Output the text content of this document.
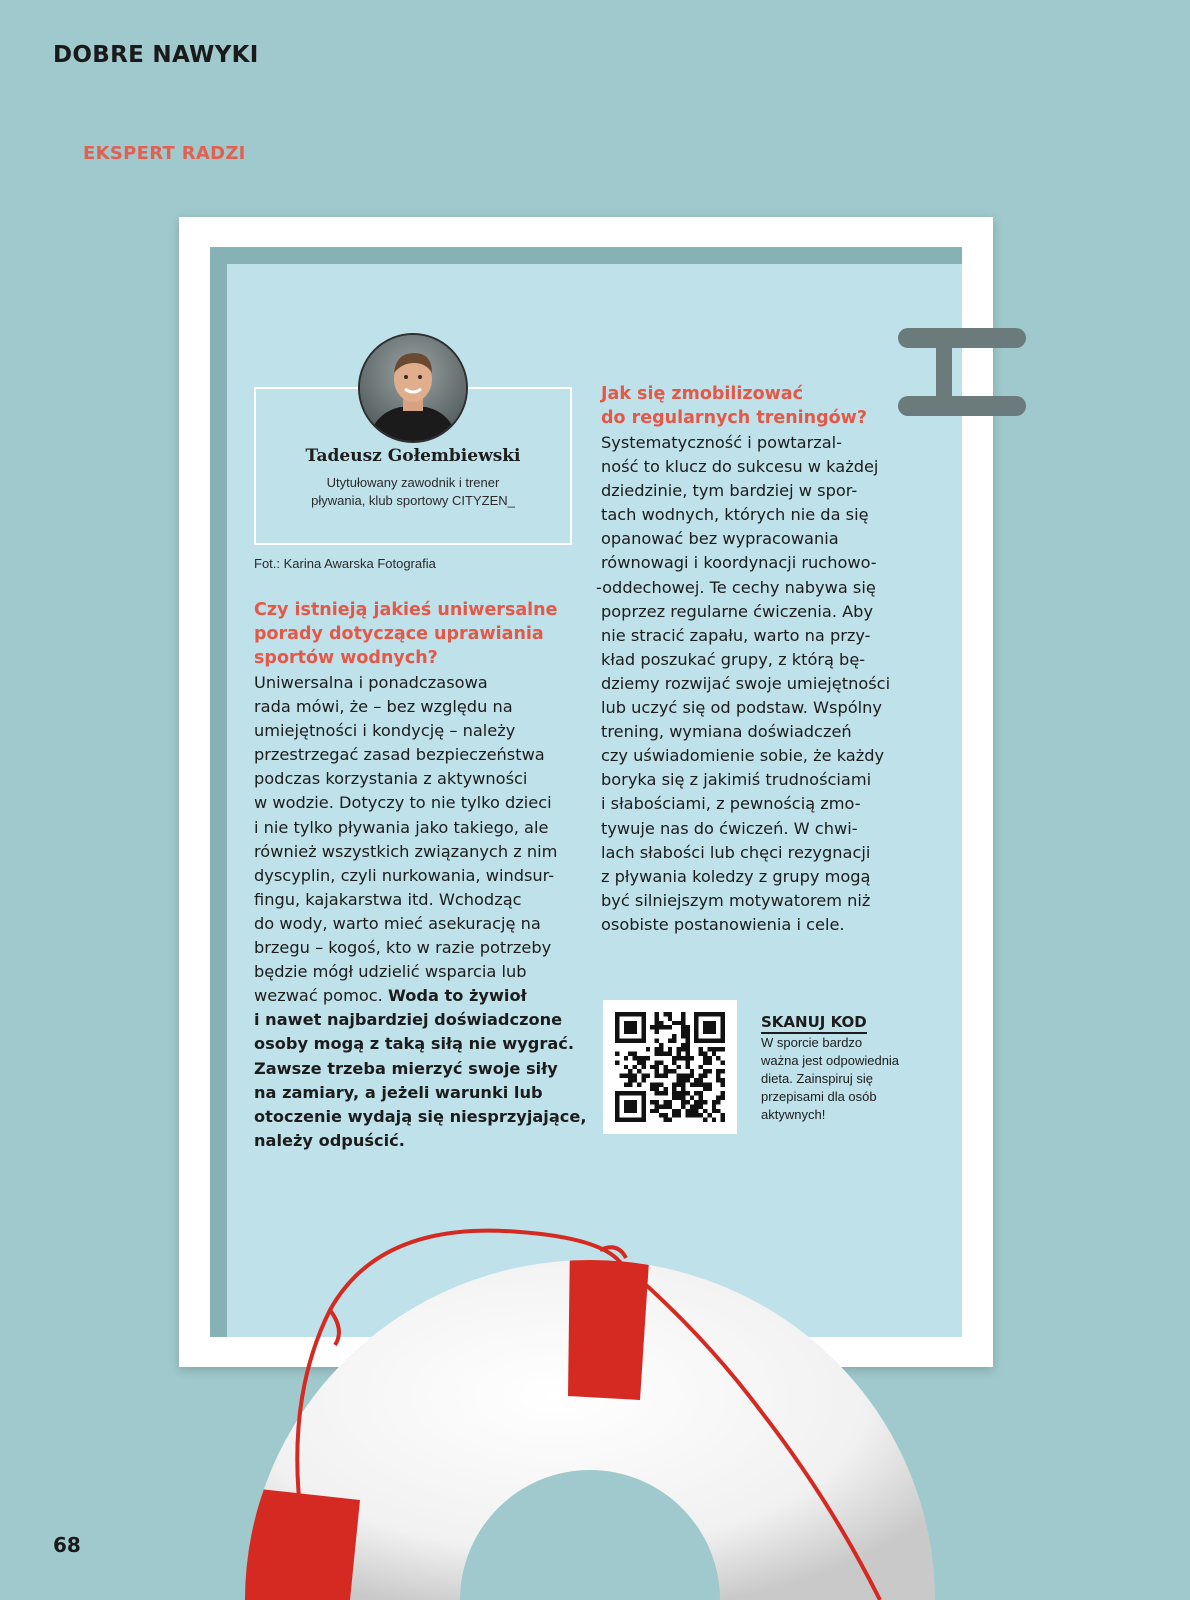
DOBRE NAWYKI
EKSPERT RADZI
Tadeusz Gołembiewski
Utytułowany zawodnik i trener
pływania, klub sportowy CITYZEN_
Fot.: Karina Awarska Fotografia
Czy istnieją jakieś uniwersalne
porady dotyczące uprawiania
sportów wodnych?
Uniwersalna i ponadczasowa
rada mówi, że – bez względu na
umiejętności i kondycję – należy
przestrzegać zasad bezpieczeństwa
podczas korzystania z aktywności
w wodzie. Dotyczy to nie tylko dzieci
i nie tylko pływania jako takiego, ale
również wszystkich związanych z nim
dyscyplin, czyli nurkowania, windsur-
fingu, kajakarstwa itd. Wchodząc
do wody, warto mieć asekurację na
brzegu – kogoś, kto w razie potrzeby
będzie mógł udzielić wsparcia lub
wezwać pomoc. Woda to żywioł
i nawet najbardziej doświadczone
osoby mogą z taką siłą nie wygrać.
Zawsze trzeba mierzyć swoje siły
na zamiary, a jeżeli warunki lub
otoczenie wydają się niesprzyjające,
należy odpuścić.
Jak się zmobilizować
do regularnych treningów?
Systematyczność i powtarzal-
ność to klucz do sukcesu w każdej
dziedzinie, tym bardziej w spor-
tach wodnych, których nie da się
opanować bez wypracowania
równowagi i koordynacji ruchowo-
-oddechowej. Te cechy nabywa się
poprzez regularne ćwiczenia. Aby
nie stracić zapału, warto na przy-
kład poszukać grupy, z którą bę-
dziemy rozwijać swoje umiejętności
lub uczyć się od podstaw. Wspólny
trening, wymiana doświadczeń
czy uświadomienie sobie, że każdy
boryka się z jakimiś trudnościami
i słabościami, z pewnością zmo-
tywuje nas do ćwiczeń. W chwi-
lach słabości lub chęci rezygnacji
z pływania koledzy z grupy mogą
być silniejszym motywatorem niż
osobiste postanowienia i cele.
SKANUJ KOD
W sporcie bardzo
ważna jest odpowiednia
dieta. Zainspiruj się
przepisami dla osób
aktywnych!
68
